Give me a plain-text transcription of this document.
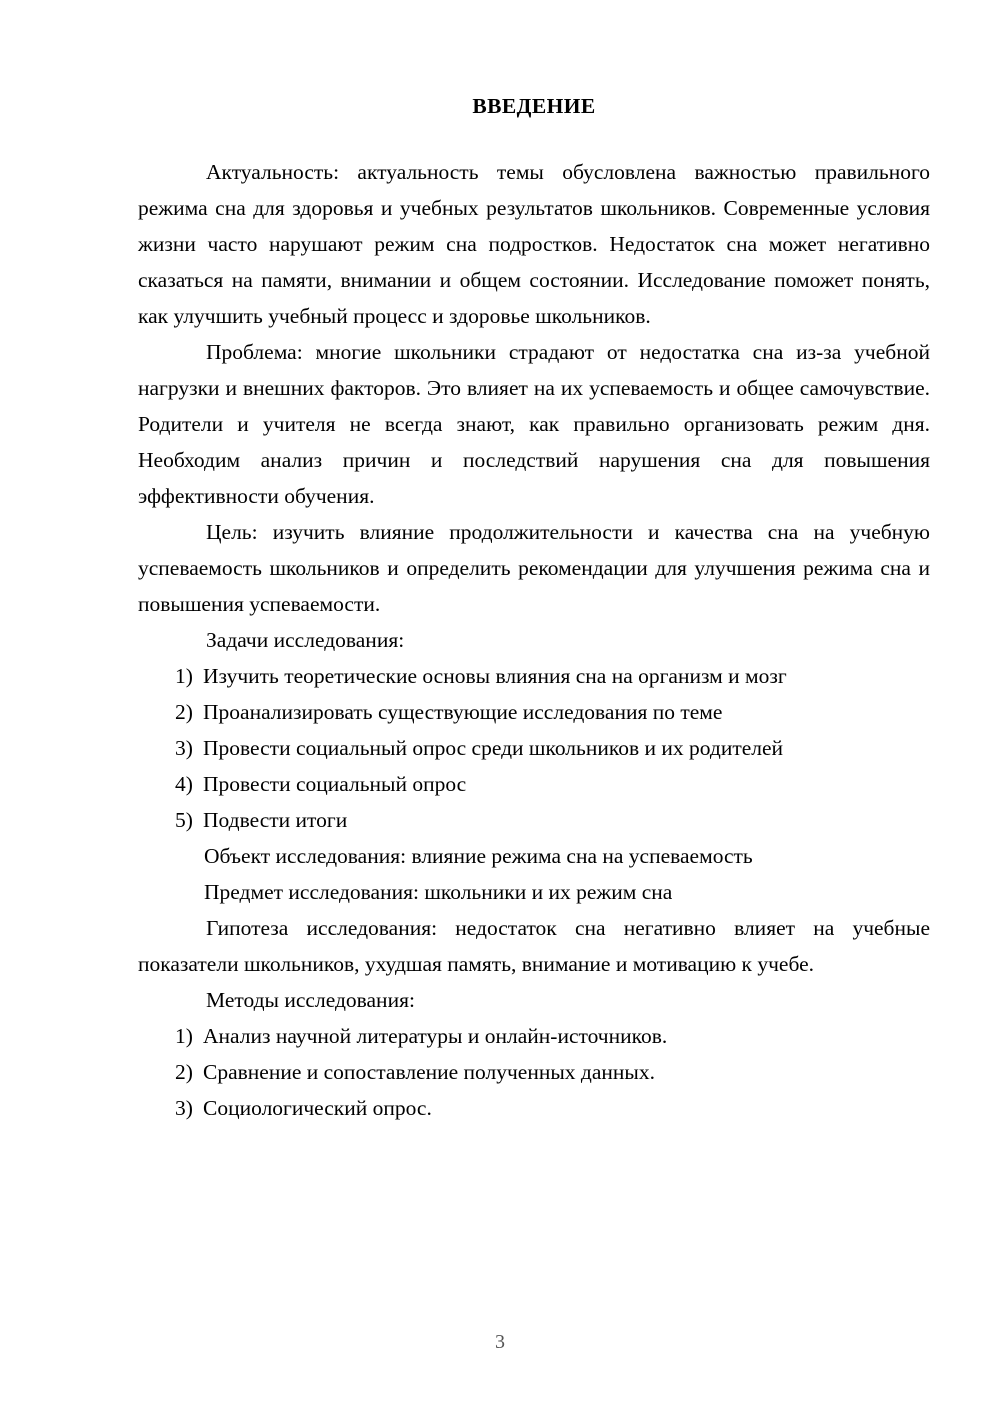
ВВЕДЕНИЕ

Актуальность: актуальность темы обусловлена важностью правильного режима сна для здоровья и учебных результатов школьников. Современные условия жизни часто нарушают режим сна подростков. Недостаток сна может негативно сказаться на памяти, внимании и общем состоянии. Исследование поможет понять, как улучшить учебный процесс и здоровье школьников.

Проблема: многие школьники страдают от недостатка сна из-за учебной нагрузки и внешних факторов. Это влияет на их успеваемость и общее самочувствие. Родители и учителя не всегда знают, как правильно организовать режим дня. Необходим анализ причин и последствий нарушения сна для повышения эффективности обучения.

Цель: изучить влияние продолжительности и качества сна на учебную успеваемость школьников и определить рекомендации для улучшения режима сна и повышения успеваемости.

Задачи исследования:

1) Изучить теоретические основы влияния сна на организм и мозг
2) Проанализировать существующие исследования по теме
3) Провести социальный опрос среди школьников и их родителей
4) Провести социальный опрос
5) Подвести итоги

Объект исследования: влияние режима сна на успеваемость

Предмет исследования: школьники и их режим сна

Гипотеза исследования: недостаток сна негативно влияет на учебные показатели школьников, ухудшая память, внимание и мотивацию к учебе.

Методы исследования:

1) Анализ научной литературы и онлайн-источников.
2) Сравнение и сопоставление полученных данных.
3) Социологический опрос.
3
